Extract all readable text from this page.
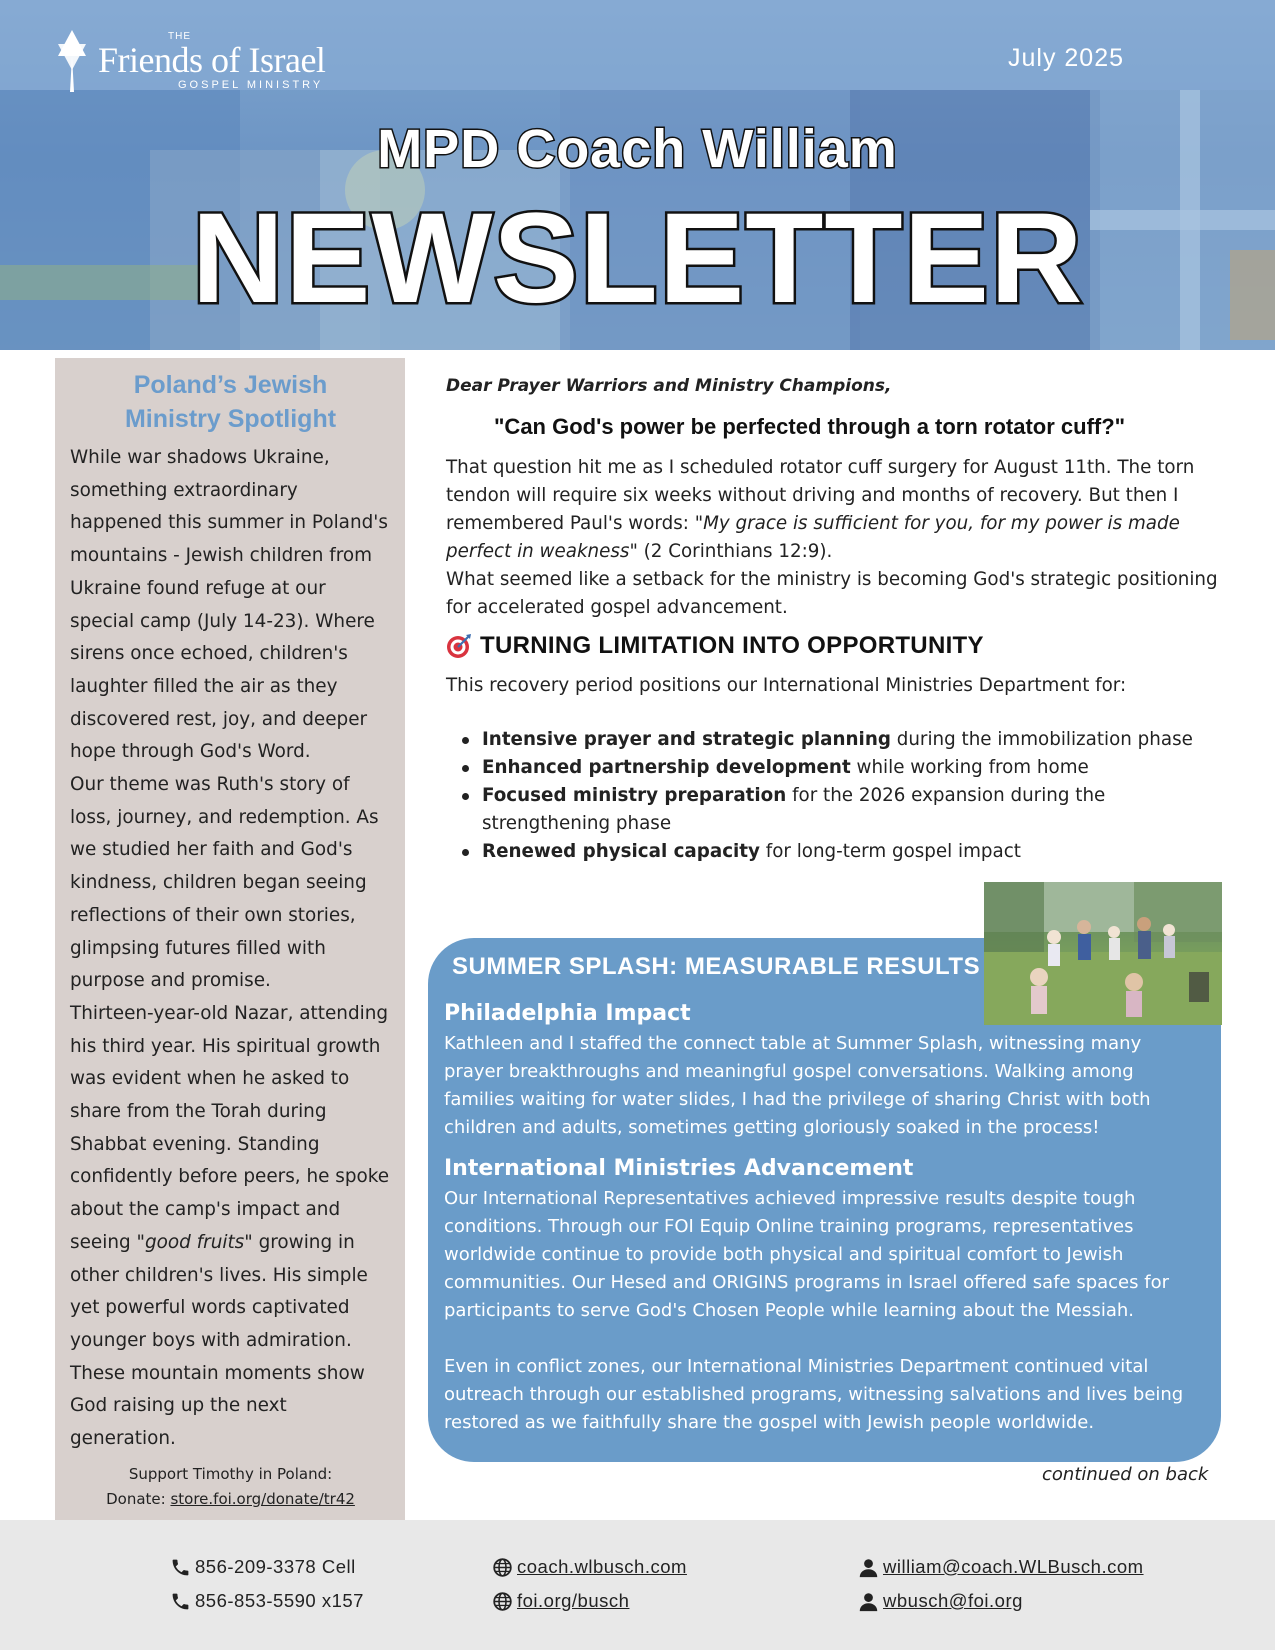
THE
Friends of Israel
GOSPEL MINISTRY
July 2025
MPD Coach William
NEWSLETTER
Poland’s Jewish
Ministry Spotlight

While war shadows Ukraine, something extraordinary happened this summer in Poland's mountains - Jewish children from Ukraine found refuge at our special camp (July 14-23). Where sirens once echoed, children's laughter filled the air as they discovered rest, joy, and deeper hope through God's Word.

Our theme was Ruth's story of loss, journey, and redemption. As we studied her faith and God's kindness, children began seeing reflections of their own stories, glimpsing futures filled with purpose and promise.

Thirteen-year-old Nazar, attending his third year. His spiritual growth was evident when he asked to share from the Torah during Shabbat evening. Standing confidently before peers, he spoke about the camp's impact and seeing "good fruits" growing in other children's lives. His simple yet powerful words captivated younger boys with admiration.

These mountain moments show God raising up the next generation.

Support Timothy in Poland:
Donate: store.foi.org/donate/tr42
Dear Prayer Warriors and Ministry Champions,
"Can God's power be perfected through a torn rotator cuff?"
That question hit me as I scheduled rotator cuff surgery for August 11th. The torn tendon will require six weeks without driving and months of recovery. But then I remembered Paul's words: "My grace is sufficient for you, for my power is made perfect in weakness" (2 Corinthians 12:9).
What seemed like a setback for the ministry is becoming God's strategic positioning for accelerated gospel advancement.
TURNING LIMITATION INTO OPPORTUNITY
This recovery period positions our International Ministries Department for:
Intensive prayer and strategic planning during the immobilization phase
Enhanced partnership development while working from home
Focused ministry preparation for the 2026 expansion during the strengthening phase
Renewed physical capacity for long-term gospel impact
SUMMER SPLASH: MEASURABLE RESULTS
Philadelphia Impact
Kathleen and I staffed the connect table at Summer Splash, witnessing many prayer breakthroughs and meaningful gospel conversations. Walking among families waiting for water slides, I had the privilege of sharing Christ with both children and adults, sometimes getting gloriously soaked in the process!
International Ministries Advancement
Our International Representatives achieved impressive results despite tough conditions. Through our FOI Equip Online training programs, representatives worldwide continue to provide both physical and spiritual comfort to Jewish communities. Our Hesed and ORIGINS programs in Israel offered safe spaces for participants to serve God's Chosen People while learning about the Messiah.
Even in conflict zones, our International Ministries Department continued vital outreach through our established programs, witnessing salvations and lives being restored as we faithfully share the gospel with Jewish people worldwide.
continued on back
856-209-3378 Cell
856-853-5590 x157
coach.wlbusch.com
foi.org/busch
william@coach.WLBusch.com
wbusch@foi.org
